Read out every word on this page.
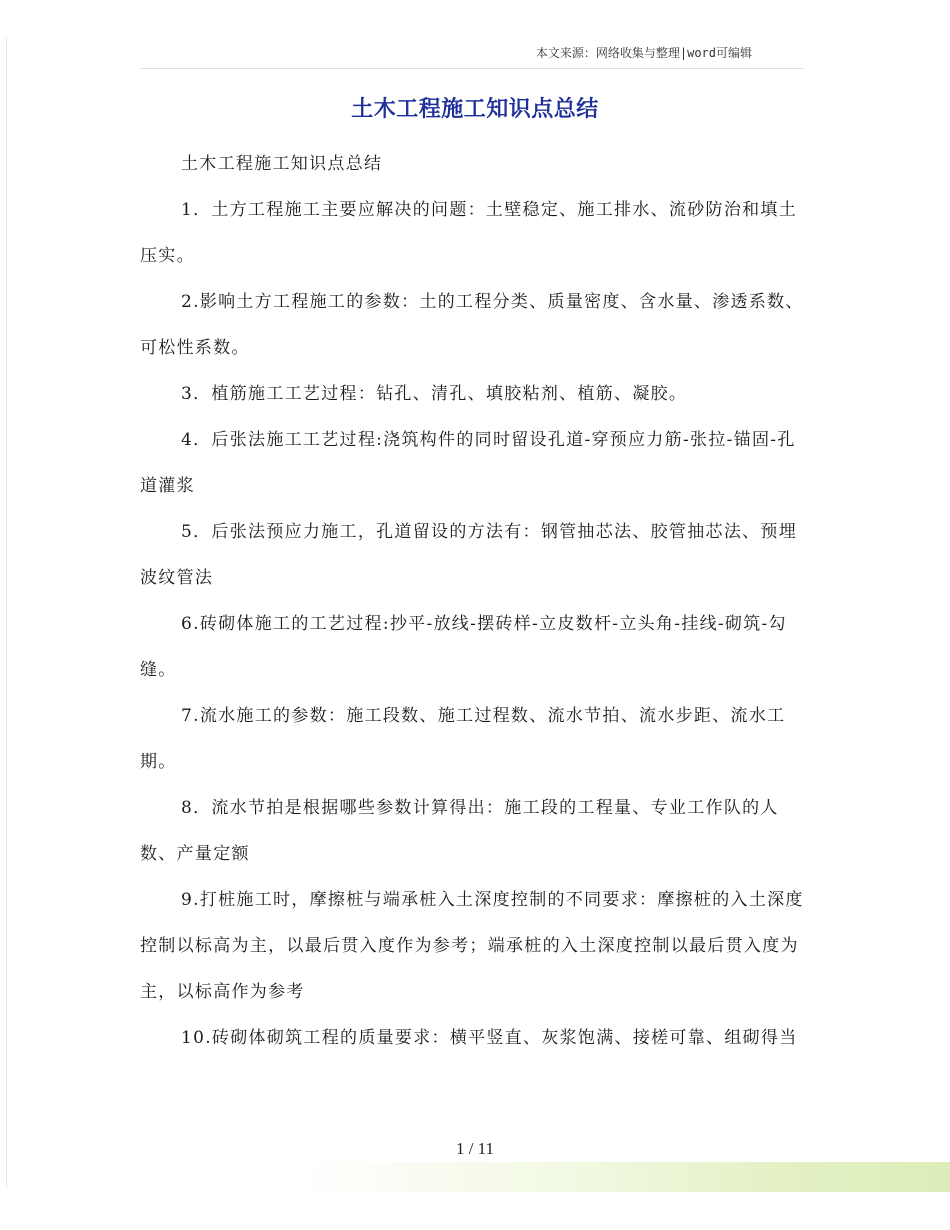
本文来源：网络收集与整理|word可编辑
土木工程施工知识点总结

土木工程施工知识点总结

1．土方工程施工主要应解决的问题：土壁稳定、施工排水、流砂防治和填土压实。

2.影响土方工程施工的参数：土的工程分类、质量密度、含水量、渗透系数、可松性系数。

3．植筋施工工艺过程：钻孔、清孔、填胶粘剂、植筋、凝胶。

4．后张法施工工艺过程:浇筑构件的同时留设孔道-穿预应力筋-张拉-锚固-孔道灌浆

5．后张法预应力施工，孔道留设的方法有：钢管抽芯法、胶管抽芯法、预埋波纹管法

6.砖砌体施工的工艺过程:抄平-放线-摆砖样-立皮数杆-立头角-挂线-砌筑-勾缝。

7.流水施工的参数：施工段数、施工过程数、流水节拍、流水步距、流水工期。

8．流水节拍是根据哪些参数计算得出：施工段的工程量、专业工作队的人数、产量定额

9.打桩施工时，摩擦桩与端承桩入土深度控制的不同要求：摩擦桩的入土深度控制以标高为主，以最后贯入度作为参考；端承桩的入土深度控制以最后贯入度为主，以标高作为参考

10.砖砌体砌筑工程的质量要求：横平竖直、灰浆饱满、接槎可靠、组砌得当

1 / 11
